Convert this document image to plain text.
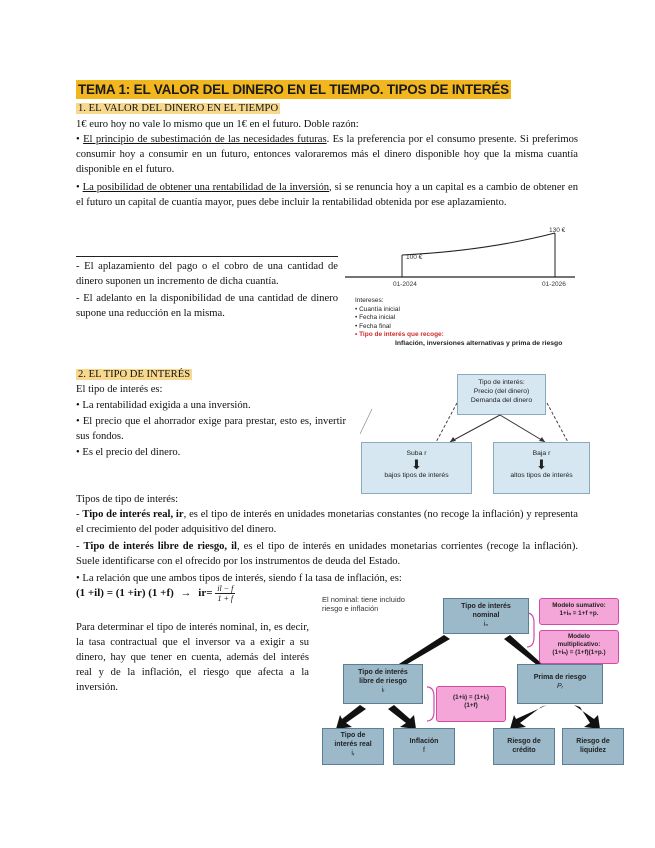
TEMA 1: EL VALOR DEL DINERO EN EL TIEMPO. TIPOS DE INTERÉS
1. EL VALOR DEL DINERO EN EL TIEMPO
1€ euro hoy no vale lo mismo que un 1€ en el futuro. Doble razón:
• El principio de subestimación de las necesidades futuras. Es la preferencia por el consumo presente. Si preferimos consumir hoy a consumir en un futuro, entonces valoraremos más el dinero disponible hoy que la misma cuantía disponible en el futuro.
• La posibilidad de obtener una rentabilidad de la inversión, si se renuncia hoy a un capital es a cambio de obtener en el futuro un capital de cuantía mayor, pues debe incluir la rentabilidad obtenida por ese aplazamiento.
- El aplazamiento del pago o el cobro de una cantidad de dinero suponen un incremento de dicha cuantía.
- El adelanto en la disponibilidad de una cantidad de dinero supone una reducción en la misma.
100 €
130 €
01-2024	01-2026
Intereses:
• Cuantía inicial
• Fecha inicial
• Fecha final
• Tipo de interés que recoge:
Inflación, inversiones alternativas y prima de riesgo
2. EL TIPO DE INTERÉS
El tipo de interés es:
• La rentabilidad exigida a una inversión.
• El precio que el ahorrador exige para prestar, esto es, invertir sus fondos.
• Es el precio del dinero.
Tipo de interés:
Precio (del dinero)
Demanda del dinero
Suba r
⬇
bajos tipos de interés
Baja r
⬇
altos tipos de interés
Tipos de tipo de interés:
- Tipo de interés real, ir, es el tipo de interés en unidades monetarias constantes (no recoge la inflación) y representa el crecimiento del poder adquisitivo del dinero.
- Tipo de interés libre de riesgo, il, es el tipo de interés en unidades monetarias corrientes (recoge la inflación). Suele identificarse con el ofrecido por los instrumentos de deuda del Estado.
• La relación que une ambos tipos de interés, siendo f la tasa de inflación, es:
(1 +il) = (1 +ir) $(1 +f) \to ir= \frac{il - f}{1 + f}$
Para determinar el tipo de interés nominal, in, es decir, la tasa contractual que el inversor va a exigir a su dinero, hay que tener en cuenta, además del interés real y de la inflación, el riesgo que afecta a la inversión.
El nominal: tiene incluido
riesgo e inflación	Tipo de interés
nominal
iₙ
Modelo sumativo:
1+iₙ = 1+f +p.
Modelo
multiplicativo:
(1+iₙ) = (1+f)(1+p.)
Tipo de interés
libre de riesgo
iₗ
(1+iₗ) = (1+iᵣ)
(1+f)
Prima de riesgo
Pᵣ
Tipo de
interés real
iᵣ
Inflación
f
Riesgo de
crédito
Riesgo de
liquidez
